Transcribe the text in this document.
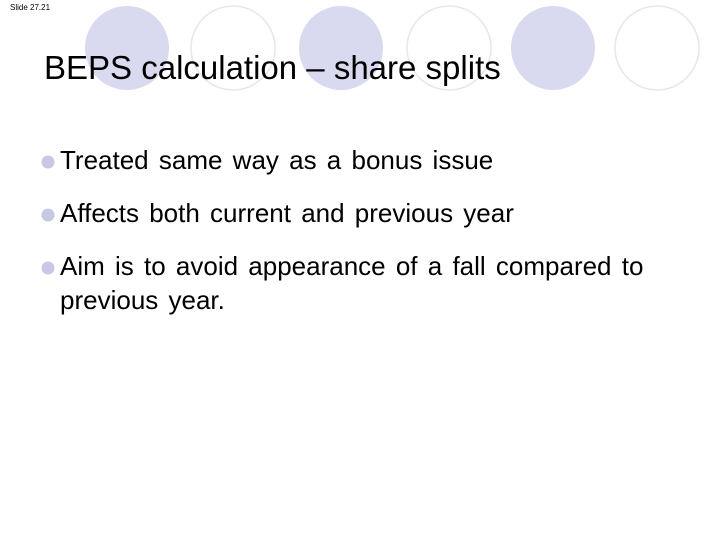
Slide 27.21
BEPS calculation – share splits
Treated same way as a bonus issue
Affects both current and previous year
Aim is to avoid appearance of a fall compared to previous year.
